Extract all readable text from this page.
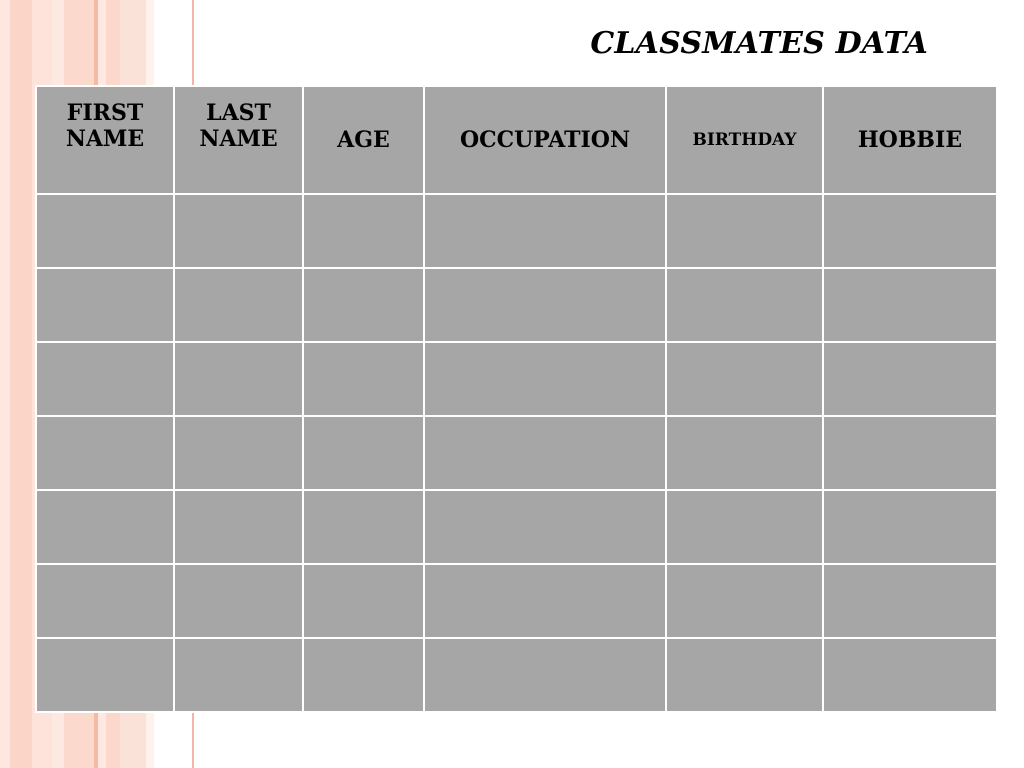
CLASSMATES DATA
FIRST NAME	LAST NAME	AGE	OCCUPATION	BIRTHDAY	HOBBIE
